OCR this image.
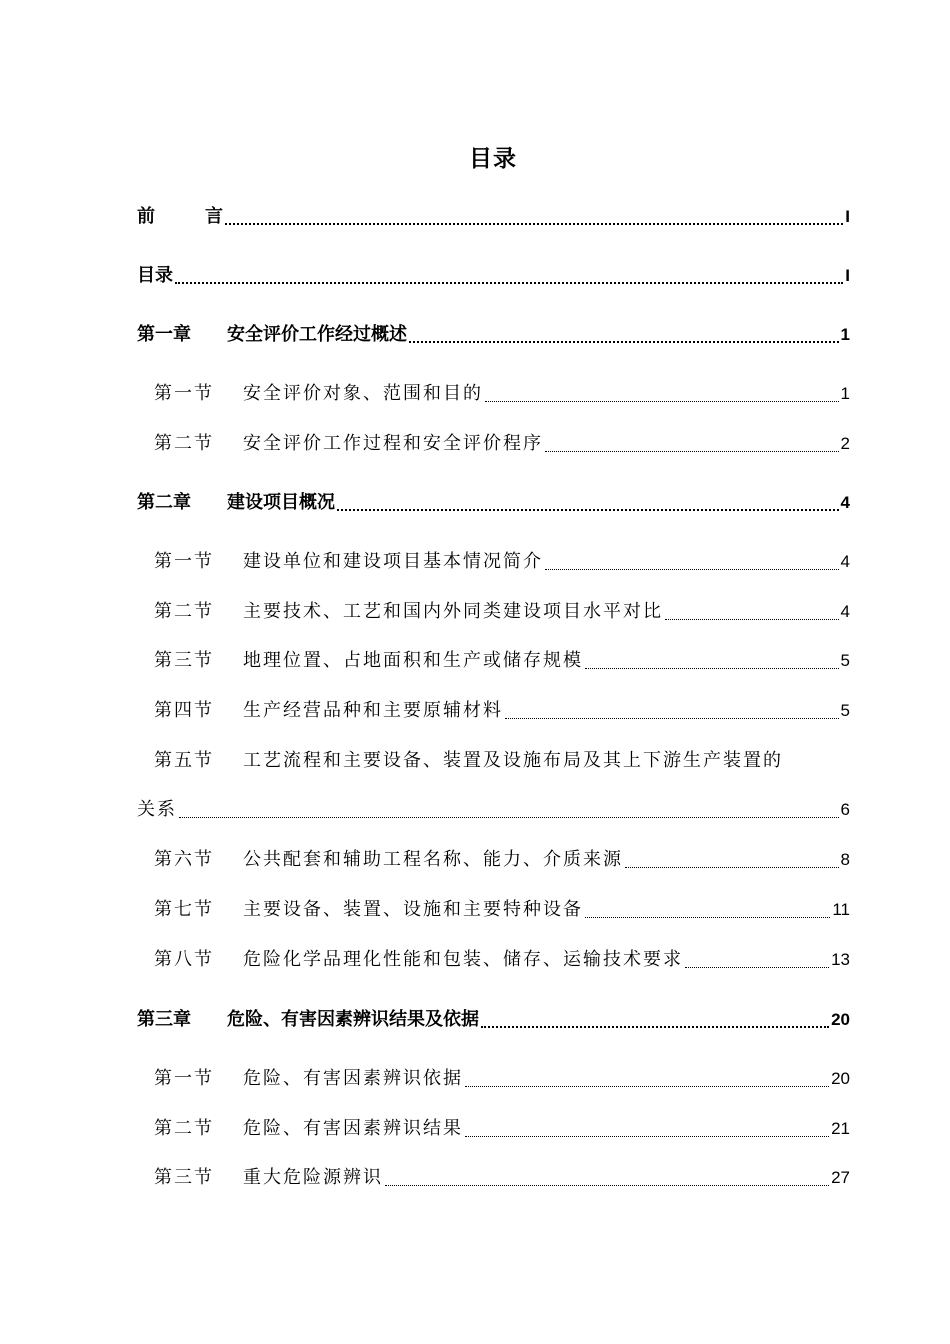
目录
前	言	I
目录	I
第一章	安全评价工作经过概述	1
第一节	安全评价对象、范围和目的	1
第二节	安全评价工作过程和安全评价程序	2
第二章	建设项目概况	4
第一节	建设单位和建设项目基本情况简介	4
第二节	主要技术、工艺和国内外同类建设项目水平对比	4
第三节	地理位置、占地面积和生产或储存规模	5
第四节	生产经营品种和主要原辅材料	5
第五节 工艺流程和主要设备、装置及设施布局及其上下游生产装置的
关系	6
第六节	公共配套和辅助工程名称、能力、介质来源	8
第七节	主要设备、装置、设施和主要特种设备	11
第八节	危险化学品理化性能和包装、储存、运输技术要求	13
第三章	危险、有害因素辨识结果及依据	20
第一节	危险、有害因素辨识依据	20
第二节	危险、有害因素辨识结果	21
第三节	重大危险源辨识	27
